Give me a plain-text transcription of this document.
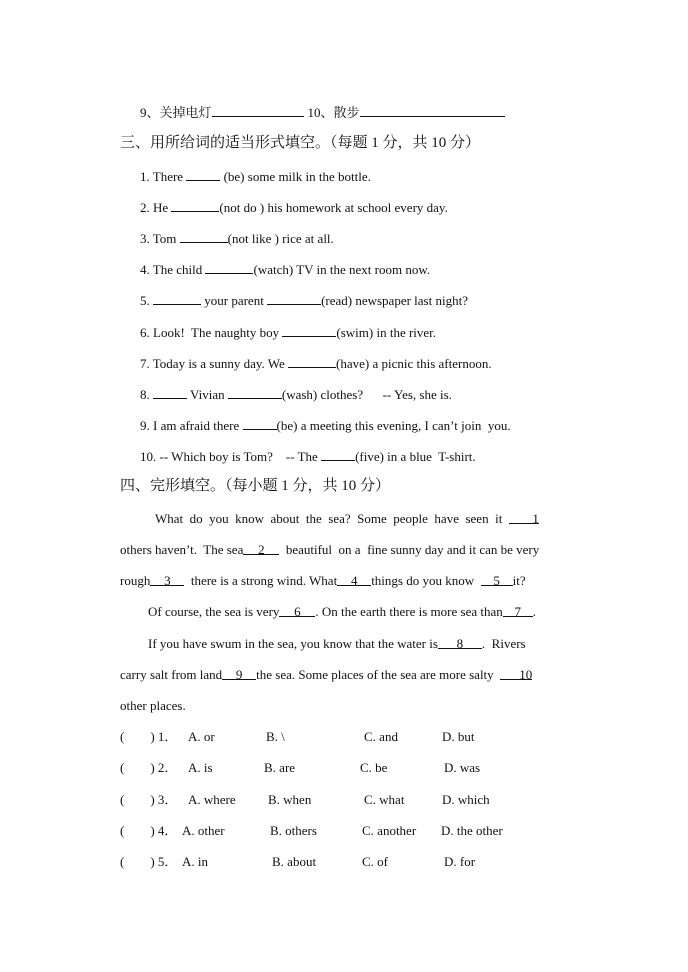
9、关掉电灯	10、散步
三、用所给词的适当形式填空。（每题 1 分，共 10 分）
1. There	(be) some milk in the bottle.
2. He	(not do ) his homework at school every day.
3. Tom	(not like ) rice at all.
4. The child	(watch) TV in the next room now.
5.	your parent	(read) newspaper last night?
6. Look!  The naughty boy	(swim) in the river.
7. Today is a sunny day. We	(have) a picnic this afternoon.
8.	Vivian	(wash) clothes?      -- Yes, she is.
9. I am afraid there	(be) a meeting this evening, I can’t join  you.
10. -- Which boy is Tom?    -- The	(five) in a blue  T-shirt.
四、完形填空。（每小题 1 分，共 10 分）
What  do  you  know  about  the  sea?  Some  people  have  seen  it  1
others haven’t.  The sea 2  beautiful  on a  fine sunny day and it can be very
rough 3  there is a strong wind. What 4 things do you know  5 it?
Of course, the sea is very 6 . On the earth there is more sea than 7 .
If you have swum in the sea, you know that the water is 8 .  Rivers
carry salt from land 9 the sea. Some places of the sea are more salty  10
other places.
(        ) 1． A. or	B. \	C. and	D. but
(        ) 2． A. is	B. are	C. be	D. was
(        ) 3． A. where B. when	C. what	D. which
(        ) 4． A. other	B. others	C. another D. the other
(        ) 5． A. in	B. about	C. of	D. for
